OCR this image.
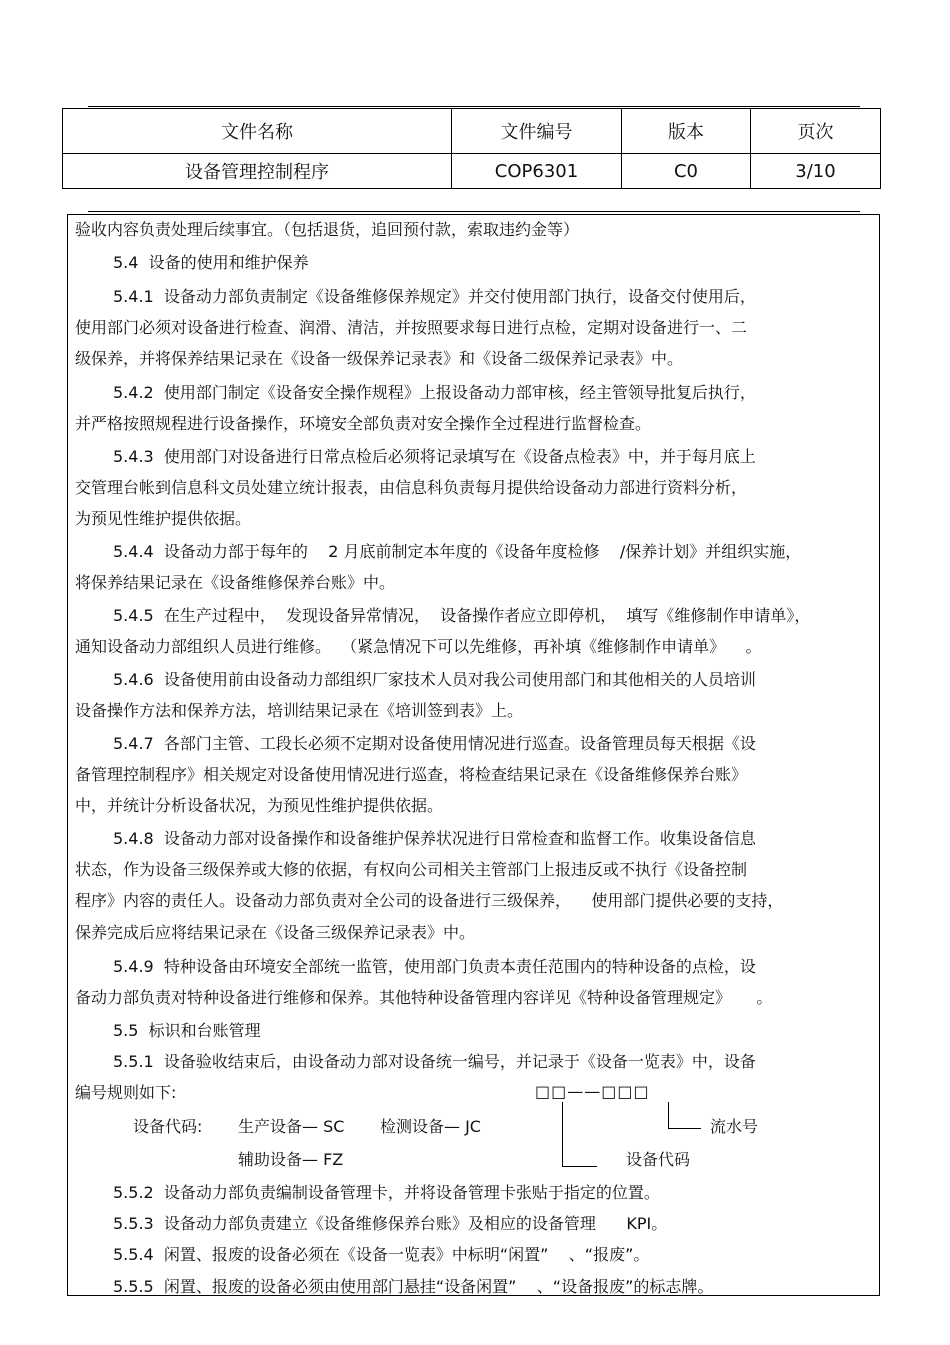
文件名称	文件编号	版本	页次
设备管理控制程序	COP6301	C0	3/10
验收内容负责处理后续事宜。（包括退货，追回预付款，索取违约金等）
5.4  设备的使用和维护保养
5.4.1  设备动力部负责制定《设备维修保养规定》并交付使用部门执行，设备交付使用后，
使用部门必须对设备进行检查、润滑、清洁，并按照要求每日进行点检，定期对设备进行一、二
级保养，并将保养结果记录在《设备一级保养记录表》和《设备二级保养记录表》中。
5.4.2  使用部门制定《设备安全操作规程》上报设备动力部审核，经主管领导批复后执行，
并严格按照规程进行设备操作，环境安全部负责对安全操作全过程进行监督检查。
5.4.3  使用部门对设备进行日常点检后必须将记录填写在《设备点检表》中，并于每月底上
交管理台帐到信息科文员处建立统计报表，由信息科负责每月提供给设备动力部进行资料分析，
为预见性维护提供依据。
5.4.4  设备动力部于每年的    2 月底前制定本年度的《设备年度检修    /保养计划》并组织实施，
将保养结果记录在《设备维修保养台账》中。
5.4.5  在生产过程中，  发现设备异常情况，  设备操作者应立即停机，  填写《维修制作申请单》，
通知设备动力部组织人员进行维修。  （紧急情况下可以先维修，再补填《维修制作申请单》    。
5.4.6  设备使用前由设备动力部组织厂家技术人员对我公司使用部门和其他相关的人员培训
设备操作方法和保养方法，培训结果记录在《培训签到表》上。
5.4.7  各部门主管、工段长必须不定期对设备使用情况进行巡查。设备管理员每天根据《设
备管理控制程序》相关规定对设备使用情况进行巡查，将检查结果记录在《设备维修保养台账》
中，并统计分析设备状况，为预见性维护提供依据。
5.4.8  设备动力部对设备操作和设备维护保养状况进行日常检查和监督工作。收集设备信息
状态，作为设备三级保养或大修的依据，有权向公司相关主管部门上报违反或不执行《设备控制
程序》内容的责任人。设备动力部负责对全公司的设备进行三级保养，    使用部门提供必要的支持，
保养完成后应将结果记录在《设备三级保养记录表》中。
5.4.9  特种设备由环境安全部统一监管，使用部门负责本责任范围内的特种设备的点检，设
备动力部负责对特种设备进行维修和保养。其他特种设备管理内容详见《特种设备管理规定》     。
5.5  标识和台账管理
5.5.1  设备验收结束后，由设备动力部对设备统一编号，并记录于《设备一览表》中，设备
编号规则如下:	□□——□□□
流水号
设备代码
设备代码: 生产设备— SC 检测设备— JC
辅助设备— FZ
5.5.2  设备动力部负责编制设备管理卡，并将设备管理卡张贴于指定的位置。
5.5.3  设备动力部负责建立《设备维修保养台账》及相应的设备管理      KPI。
5.5.4  闲置、报废的设备必须在《设备一览表》中标明“闲置”    、“报废”。
5.5.5  闲置、报废的设备必须由使用部门悬挂“设备闲置”    、“设备报废”的标志牌。
